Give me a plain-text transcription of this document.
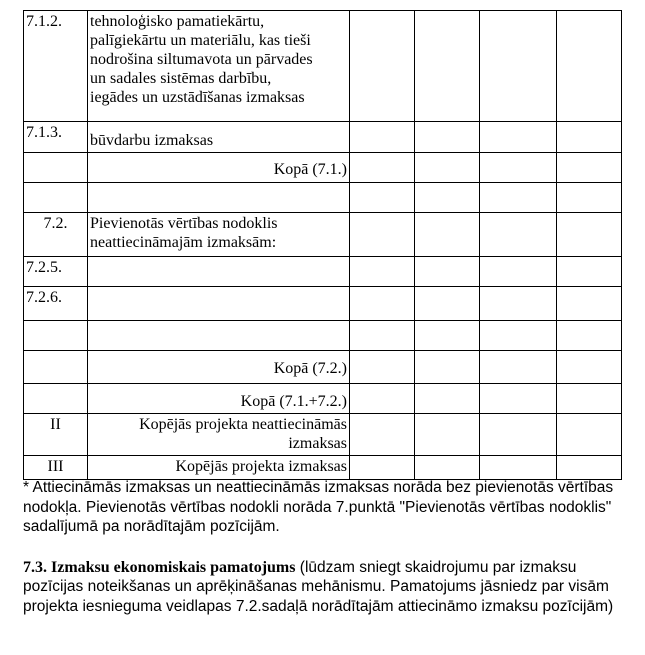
7.1.2.	tehnoloģisko pamatiekārtu,
palīgiekārtu un materiālu, kas tieši
nodrošina siltumavota un pārvades
un sadales sistēmas darbību,
iegādes un uzstādīšanas izmaksas				
7.1.3.	būvdarbu izmaksas				
	Kopā (7.1.)				

7.2.	Pievienotās vērtības nodoklis
neattiecināmajām izmaksām:				
7.2.5.					
7.2.6.					

	Kopā (7.2.)				
	Kopā (7.1.+7.2.)				
II	Kopējās projekta neattiecināmās
izmaksas				
III	Kopējās projekta izmaksas				

* Attiecināmās izmaksas un neattiecināmās izmaksas norāda bez pievienotās vērtības nodokļa. Pievienotās vērtības nodokli norāda 7.punktā "Pievienotās vērtības nodoklis" sadalījumā pa norādītajām pozīcijām.

7.3. Izmaksu ekonomiskais pamatojums (lūdzam sniegt skaidrojumu par izmaksu pozīcijas noteikšanas un aprēķināšanas mehānismu. Pamatojums jāsniedz par visām projekta iesnieguma veidlapas 7.2.sadaļā norādītajām attiecināmo izmaksu pozīcijām)
